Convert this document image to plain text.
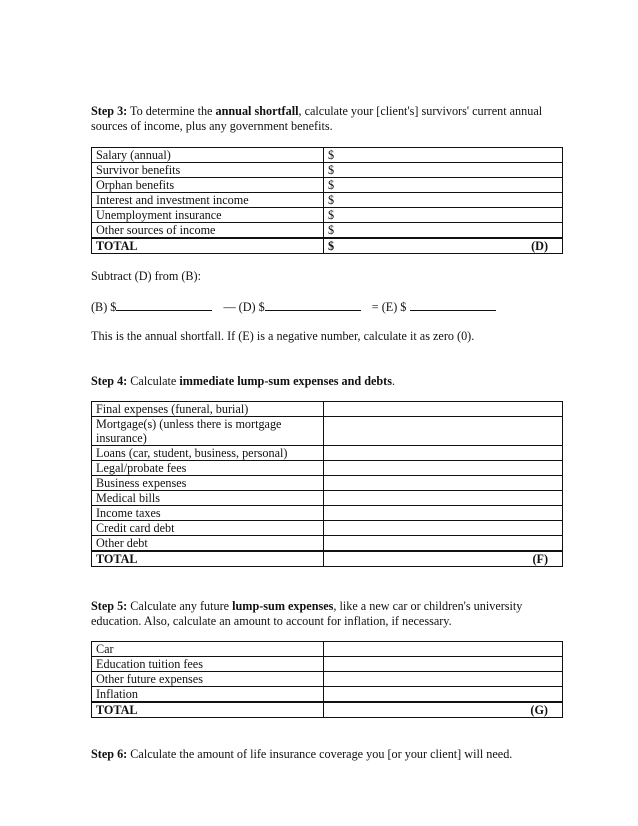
Step 3: To determine the annual shortfall, calculate your [client's] survivors' current annual sources of income, plus any government benefits.

Salary (annual)	$
Survivor benefits	$
Orphan benefits	$
Interest and investment income	$
Unemployment insurance	$
Other sources of income	$
TOTAL	$ (D)

Subtract (D) from (B):

(B) $	— (D) $	= (E) $

This is the annual shortfall. If (E) is a negative number, calculate it as zero (0).

Step 4: Calculate immediate lump-sum expenses and debts.

Final expenses (funeral, burial)	
Mortgage(s) (unless there is mortgage insurance)	
Loans (car, student, business, personal)	
Legal/probate fees	
Business expenses	
Medical bills	
Income taxes	
Credit card debt	
Other debt	
TOTAL	(F)

Step 5: Calculate any future lump-sum expenses, like a new car or children's university education. Also, calculate an amount to account for inflation, if necessary.

Car	
Education tuition fees	
Other future expenses	
Inflation	
TOTAL	(G)

Step 6: Calculate the amount of life insurance coverage you [or your client] will need.
